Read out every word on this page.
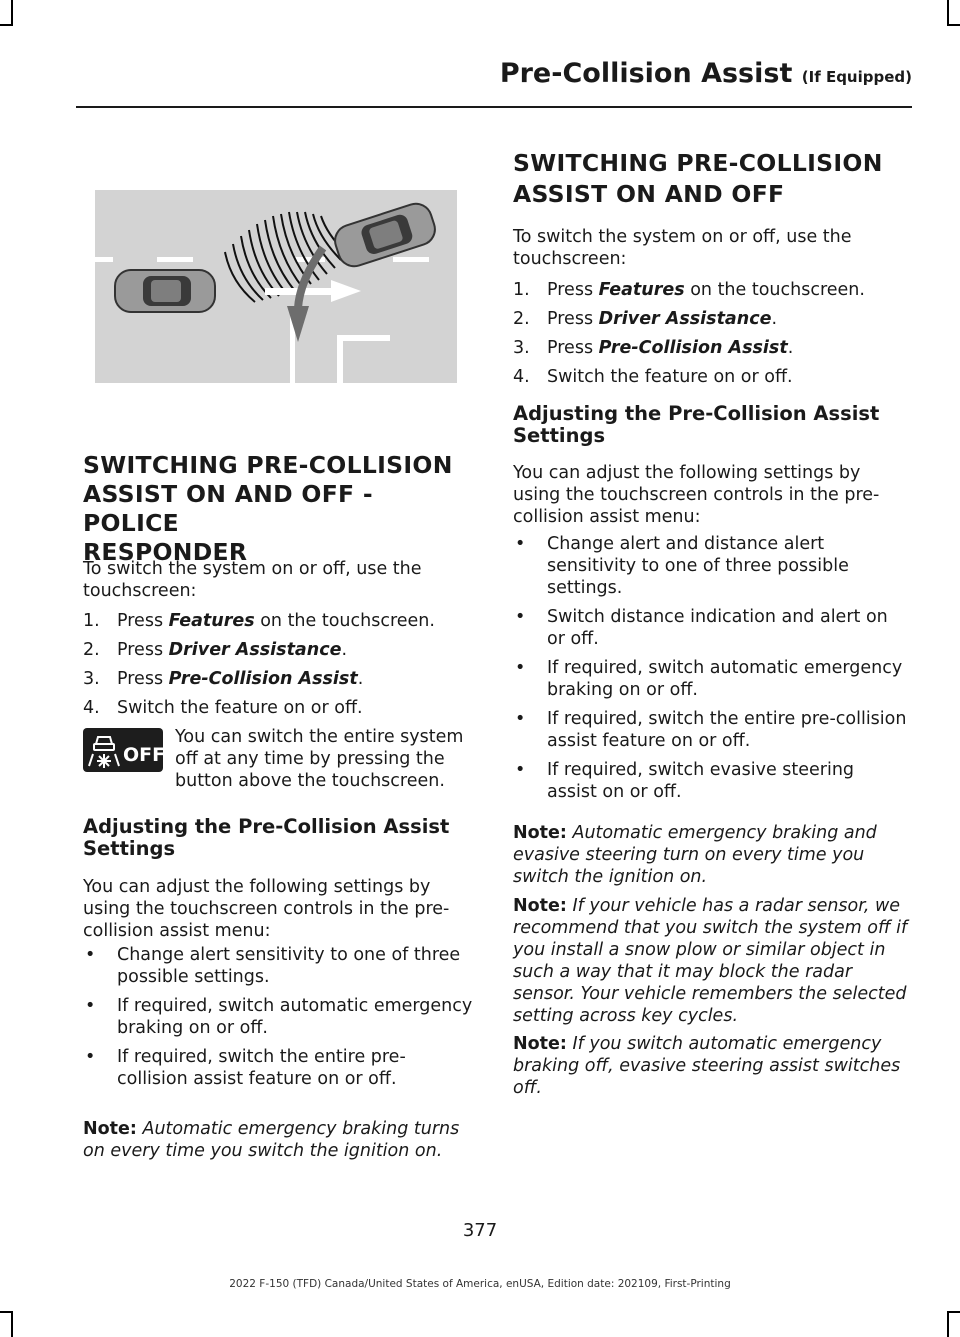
Pre-Collision Assist (If Equipped)
SWITCHING PRE-COLLISION
ASSIST ON AND OFF - POLICE
RESPONDER

To switch the system on or off, use the touchscreen:

1. Press Features on the touchscreen.
2. Press Driver Assistance.
3. Press Pre-Collision Assist.
4. Switch the feature on or off.
OFF

You can switch the entire system off at any time by pressing the button above the touchscreen.

Adjusting the Pre-Collision Assist Settings

You can adjust the following settings by using the touchscreen controls in the pre-collision assist menu:

• Change alert sensitivity to one of three possible settings.
• If required, switch automatic emergency braking on or off.
• If required, switch the entire pre-collision assist feature on or off.

Note: Automatic emergency braking turns on every time you switch the ignition on.

SWITCHING PRE-COLLISION
ASSIST ON AND OFF

To switch the system on or off, use the touchscreen:

1. Press Features on the touchscreen.
2. Press Driver Assistance.
3. Press Pre-Collision Assist.
4. Switch the feature on or off.
Adjusting the Pre-Collision Assist Settings

You can adjust the following settings by using the touchscreen controls in the pre-collision assist menu:

• Change alert and distance alert sensitivity to one of three possible settings.
• Switch distance indication and alert on or off.
• If required, switch automatic emergency braking on or off.
• If required, switch the entire pre-collision assist feature on or off.
• If required, switch evasive steering assist on or off.

Note: Automatic emergency braking and evasive steering turn on every time you switch the ignition on.

Note: If your vehicle has a radar sensor, we recommend that you switch the system off if you install a snow plow or similar object in such a way that it may block the radar sensor. Your vehicle remembers the selected setting across key cycles.

Note: If you switch automatic emergency braking off, evasive steering assist switches off.

377
2022 F-150 (TFD) Canada/United States of America, enUSA, Edition date: 202109, First-Printing
